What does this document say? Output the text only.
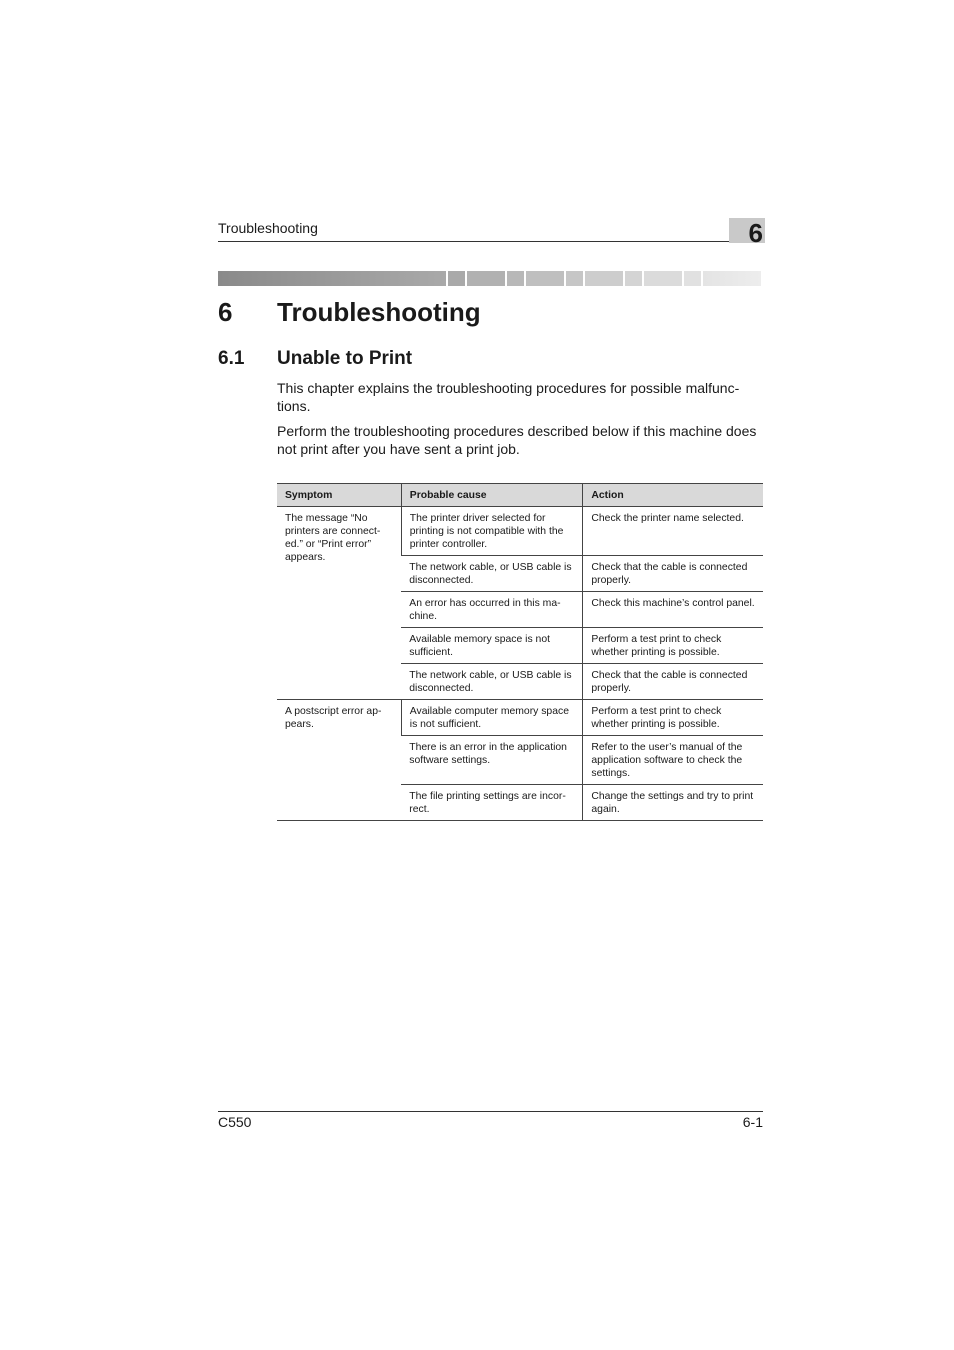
Troubleshooting	6
6 Troubleshooting
6.1 Unable to Print
This chapter explains the troubleshooting procedures for possible malfunc-tions.
Perform the troubleshooting procedures described below if this machine does not print after you have sent a print job.
Symptom	Probable cause	Action
The message “No printers are connect-ed.” or “Print error” appears.	The printer driver selected for printing is not compatible with the printer controller.	Check the printer name selected.
	The network cable, or USB cable is disconnected.	Check that the cable is connected properly.
	An error has occurred in this ma-chine.	Check this machine’s control panel.
	Available memory space is not sufficient.	Perform a test print to check whether printing is possible.
	The network cable, or USB cable is disconnected.	Check that the cable is connected properly.
A postscript error ap-pears.	Available computer memory space is not sufficient.	Perform a test print to check whether printing is possible.
	There is an error in the application software settings.	Refer to the user’s manual of the application software to check the settings.
	The file printing settings are incor-rect.	Change the settings and try to print again.
C550	6-1
